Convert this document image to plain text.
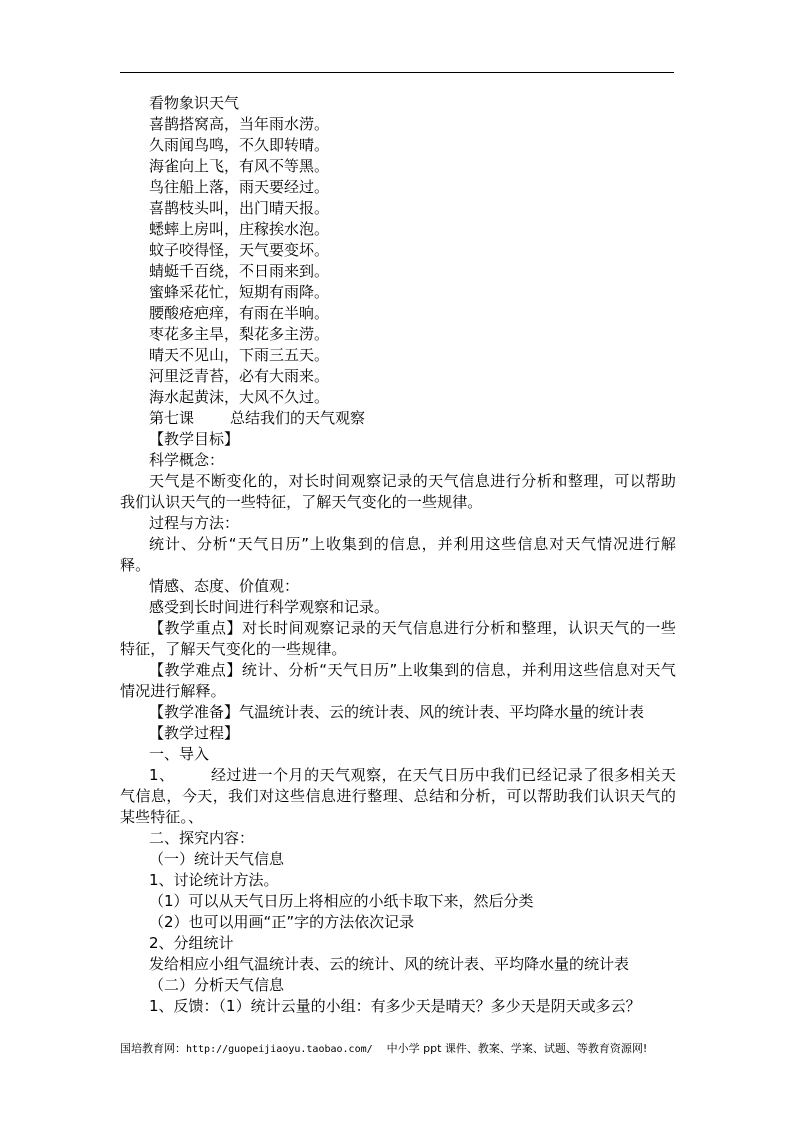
看物象识天气
喜鹊搭窝高，当年雨水涝。
久雨闻鸟鸣，不久即转晴。
海雀向上飞，有风不等黑。
鸟往船上落，雨天要经过。
喜鹊枝头叫，出门晴天报。
蟋蟀上房叫，庄稼挨水泡。
蚊子咬得怪，天气要变坏。
蜻蜓千百绕，不日雨来到。
蜜蜂采花忙，短期有雨降。
腰酸疮疤痒，有雨在半晌。
枣花多主旱，梨花多主涝。
晴天不见山，下雨三五天。
河里泛青苔，必有大雨来。
海水起黄沫，大风不久过。
第七课 总结我们的天气观察
【教学目标】
科学概念：
天气是不断变化的，对长时间观察记录的天气信息进行分析和整理，可以帮助我们认识天气的一些特征，了解天气变化的一些规律。
过程与方法：
统计、分析“天气日历”上收集到的信息，并利用这些信息对天气情况进行解释。
情感、态度、价值观：
感受到长时间进行科学观察和记录。
【教学重点】对长时间观察记录的天气信息进行分析和整理，认识天气的一些特征，了解天气变化的一些规律。
【教学难点】统计、分析“天气日历”上收集到的信息，并利用这些信息对天气情况进行解释。
【教学准备】气温统计表、云的统计表、风的统计表、平均降水量的统计表
【教学过程】
一、导入
1、 经过进一个月的天气观察，在天气日历中我们已经记录了很多相关天气信息，今天，我们对这些信息进行整理、总结和分析，可以帮助我们认识天气的某些特征。、
二、探究内容：
（一）统计天气信息
1、讨论统计方法。
（1）可以从天气日历上将相应的小纸卡取下来，然后分类
（2）也可以用画“正”字的方法依次记录
2、分组统计
发给相应小组气温统计表、云的统计、风的统计表、平均降水量的统计表
（二）分析天气信息
1、反馈：（1）统计云量的小组：有多少天是晴天？多少天是阴天或多云？
国培教育网：http://guopeijiaoyu.taobao.com/ 中小学 ppt 课件、教案、学案、试题、等教育资源网!
